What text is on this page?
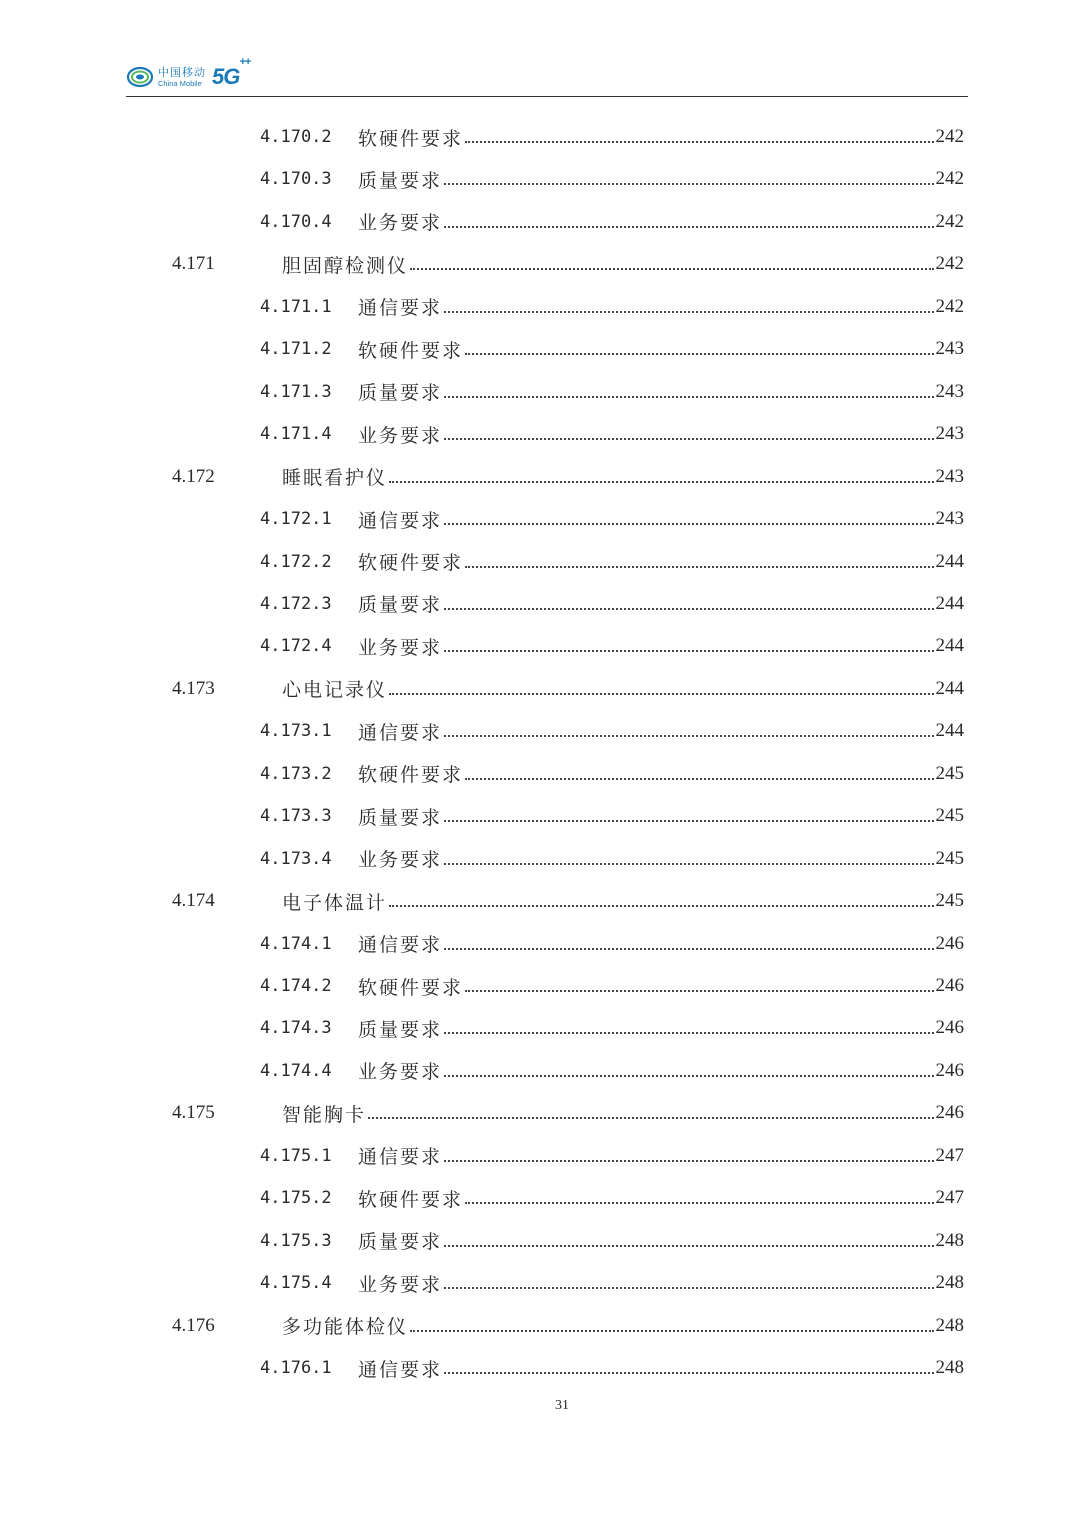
中国移动
China Mobile 5G++
4.170.2	软硬件要求	242
4.170.3	质量要求	242
4.170.4	业务要求	242
4.171	胆固醇检测仪	242
4.171.1	通信要求	242
4.171.2	软硬件要求	243
4.171.3	质量要求	243
4.171.4	业务要求	243
4.172	睡眠看护仪	243
4.172.1	通信要求	243
4.172.2	软硬件要求	244
4.172.3	质量要求	244
4.172.4	业务要求	244
4.173	心电记录仪	244
4.173.1	通信要求	244
4.173.2	软硬件要求	245
4.173.3	质量要求	245
4.173.4	业务要求	245
4.174	电子体温计	245
4.174.1	通信要求	246
4.174.2	软硬件要求	246
4.174.3	质量要求	246
4.174.4	业务要求	246
4.175	智能胸卡	246
4.175.1	通信要求	247
4.175.2	软硬件要求	247
4.175.3	质量要求	248
4.175.4	业务要求	248
4.176	多功能体检仪	248
4.176.1	通信要求	248
31
